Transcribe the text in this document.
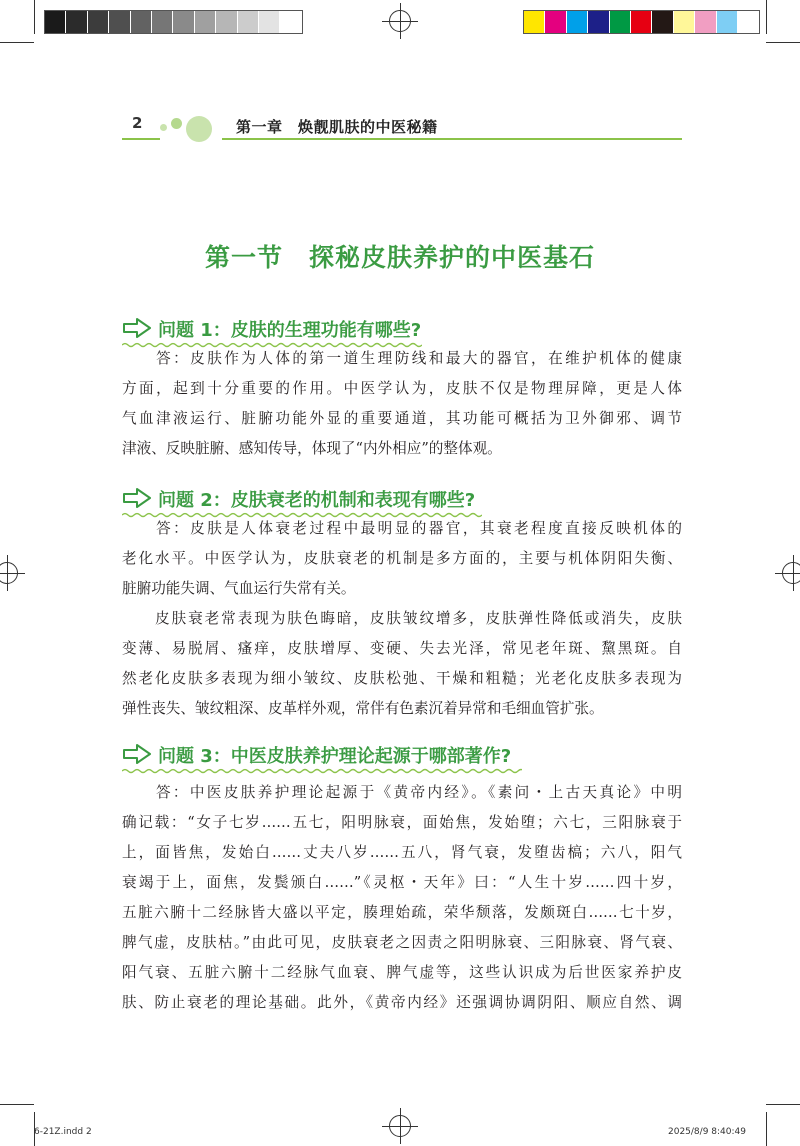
2	第一章　焕靓肌肤的中医秘籍
第一节　探秘皮肤养护的中医基石
问题 1：皮肤的生理功能有哪些?
　　答：皮肤作为人体的第一道生理防线和最大的器官，在维护机体的健康
方面，起到十分重要的作用。中医学认为，皮肤不仅是物理屏障，更是人体
气血津液运行、脏腑功能外显的重要通道，其功能可概括为卫外御邪、调节
津液、反映脏腑、感知传导，体现了“内外相应”的整体观。
问题 2：皮肤衰老的机制和表现有哪些?
　　答：皮肤是人体衰老过程中最明显的器官，其衰老程度直接反映机体的
老化水平。中医学认为，皮肤衰老的机制是多方面的，主要与机体阴阳失衡、
脏腑功能失调、气血运行失常有关。
　　皮肤衰老常表现为肤色晦暗，皮肤皱纹增多，皮肤弹性降低或消失，皮肤
变薄、易脱屑、瘙痒，皮肤增厚、变硬、失去光泽，常见老年斑、黧黑斑。自
然老化皮肤多表现为细小皱纹、皮肤松弛、干燥和粗糙；光老化皮肤多表现为
弹性丧失、皱纹粗深、皮革样外观，常伴有色素沉着异常和毛细血管扩张。
问题 3：中医皮肤养护理论起源于哪部著作?
　　答：中医皮肤养护理论起源于《黄帝内经》。《素问・上古天真论》中明
确记载：“女子七岁……五七，阳明脉衰，面始焦，发始堕；六七，三阳脉衰于
上，面皆焦，发始白……丈夫八岁……五八，肾气衰，发堕齿槁；六八，阳气
衰竭于上，面焦，发鬓颁白……”《灵枢・天年》曰：“人生十岁……四十岁，
五脏六腑十二经脉皆大盛以平定，腠理始疏，荣华颓落，发颇斑白……七十岁，
脾气虚，皮肤枯。”由此可见，皮肤衰老之因责之阳明脉衰、三阳脉衰、肾气衰、
阳气衰、五脏六腑十二经脉气血衰、脾气虚等，这些认识成为后世医家养护皮
肤、防止衰老的理论基础。此外，《黄帝内经》还强调协调阴阳、顺应自然、调
6-21Z.indd 2	2025/8/9 8:40:49
